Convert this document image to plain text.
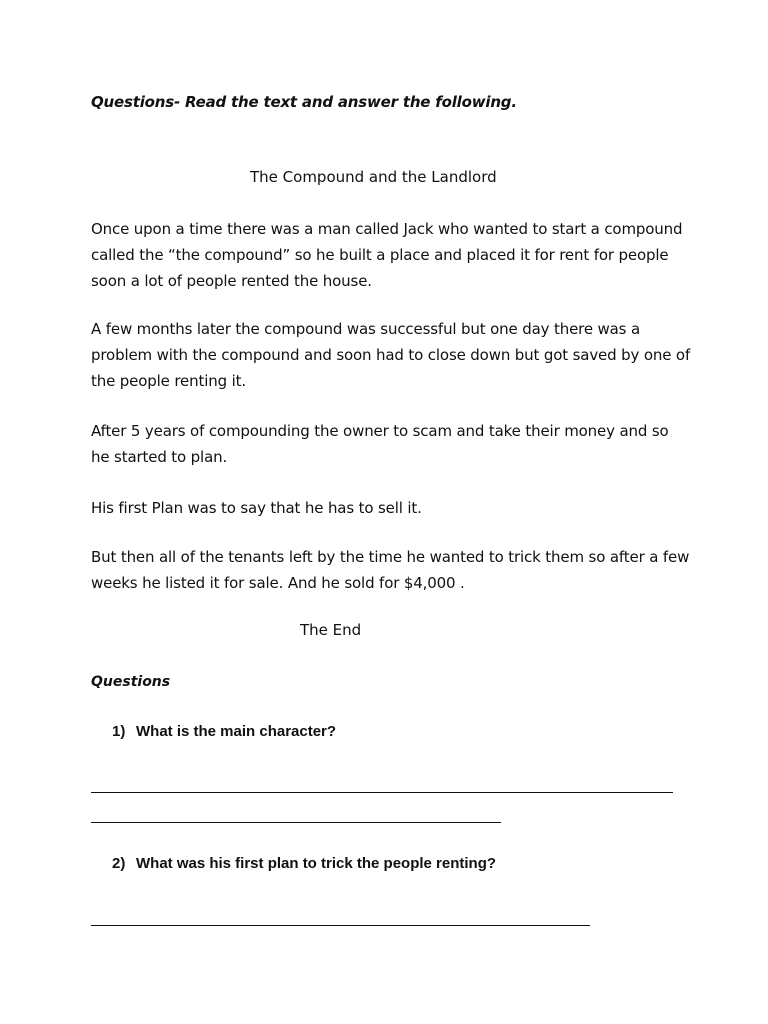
Questions- Read the text and answer the following.
The Compound and the Landlord

Once upon a time there was a man called Jack who wanted to start a compound called the “the compound” so he built a place and placed it for rent for people soon a lot of people rented the house.

A few months later the compound was successful but one day there was a problem with the compound and soon had to close down but got saved by one of the people renting it.

After 5 years of compounding the owner to scam and take their money and so he started to plan.

His first Plan was to say that he has to sell it.

But then all of the tenants left by the time he wanted to trick them so after a few weeks he listed it for sale. And he sold for $4,000 .

The End
Questions
1) What is the main character?
2) What was his first plan to trick the people renting?
